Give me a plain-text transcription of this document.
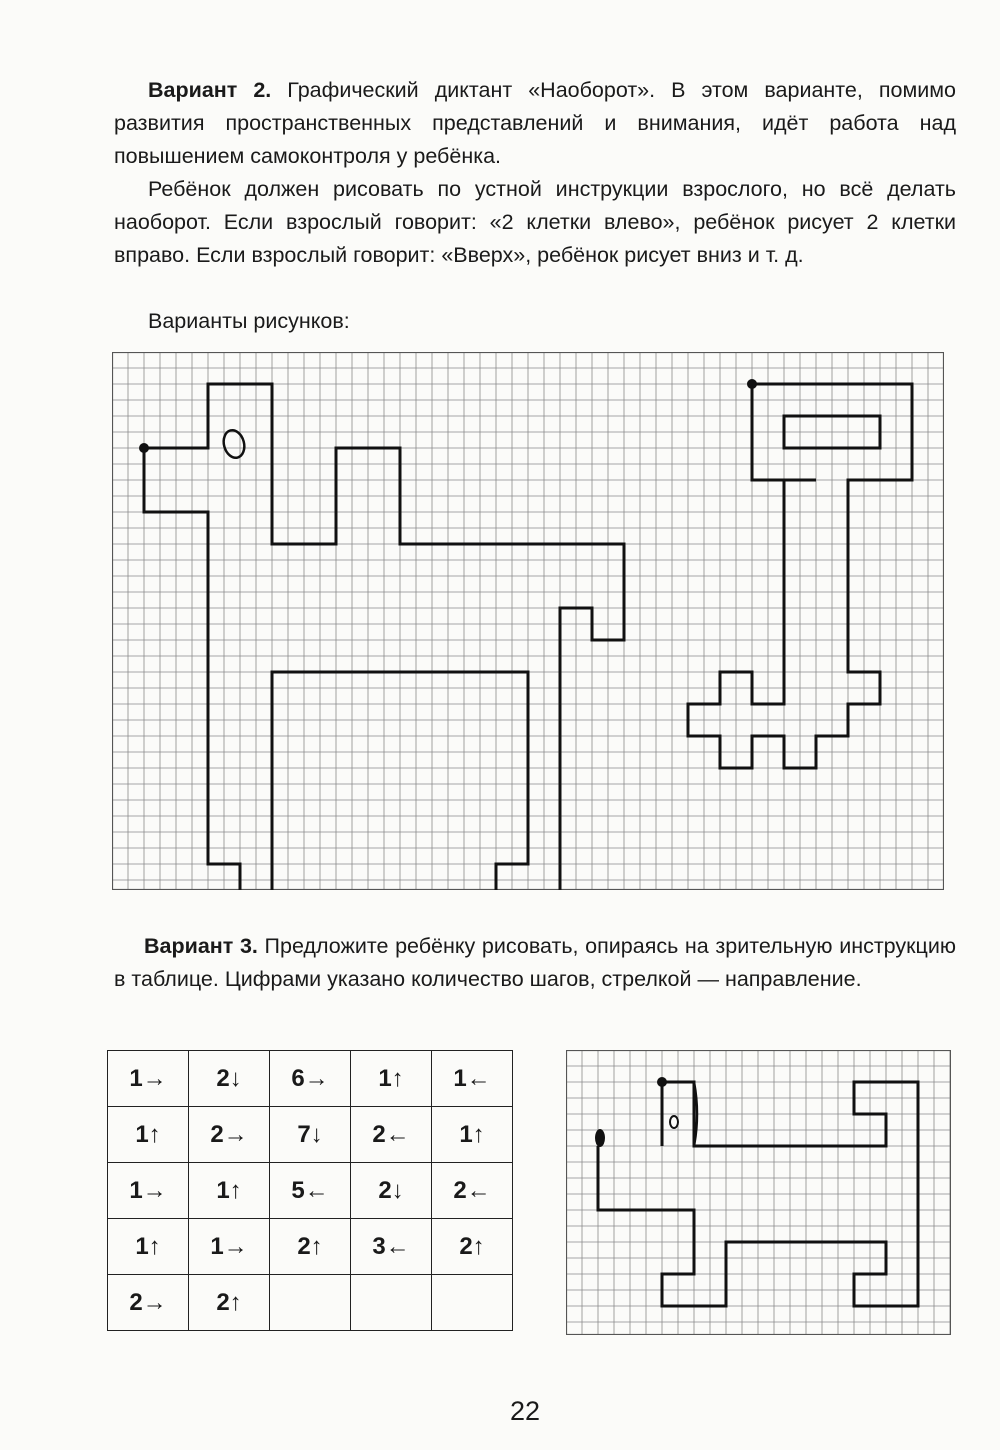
Вариант 2. Графический диктант «Наоборот». В этом варианте, помимо развития пространственных представлений и внимания, идёт работа над повышением самоконтроля у ребёнка.

Ребёнок должен рисовать по устной инструкции взрослого, но всё делать наоборот. Если взрослый говорит: «2 клетки влево», ребёнок рисует 2 клетки вправо. Если взрослый говорит: «Вверх», ребёнок рисует вниз и т. д.

Варианты рисунков:

Вариант 3. Предложите ребёнку рисовать, опираясь на зрительную инструкцию в таблице. Цифрами указано количество шагов, стрелкой — направление.

1→	2↓	6→	1↑	1←
1↑	2→	7↓	2←	1↑
1→	1↑	5←	2↓	2←
1↑	1→	2↑	3←	2↑
2→	2↑			
22
